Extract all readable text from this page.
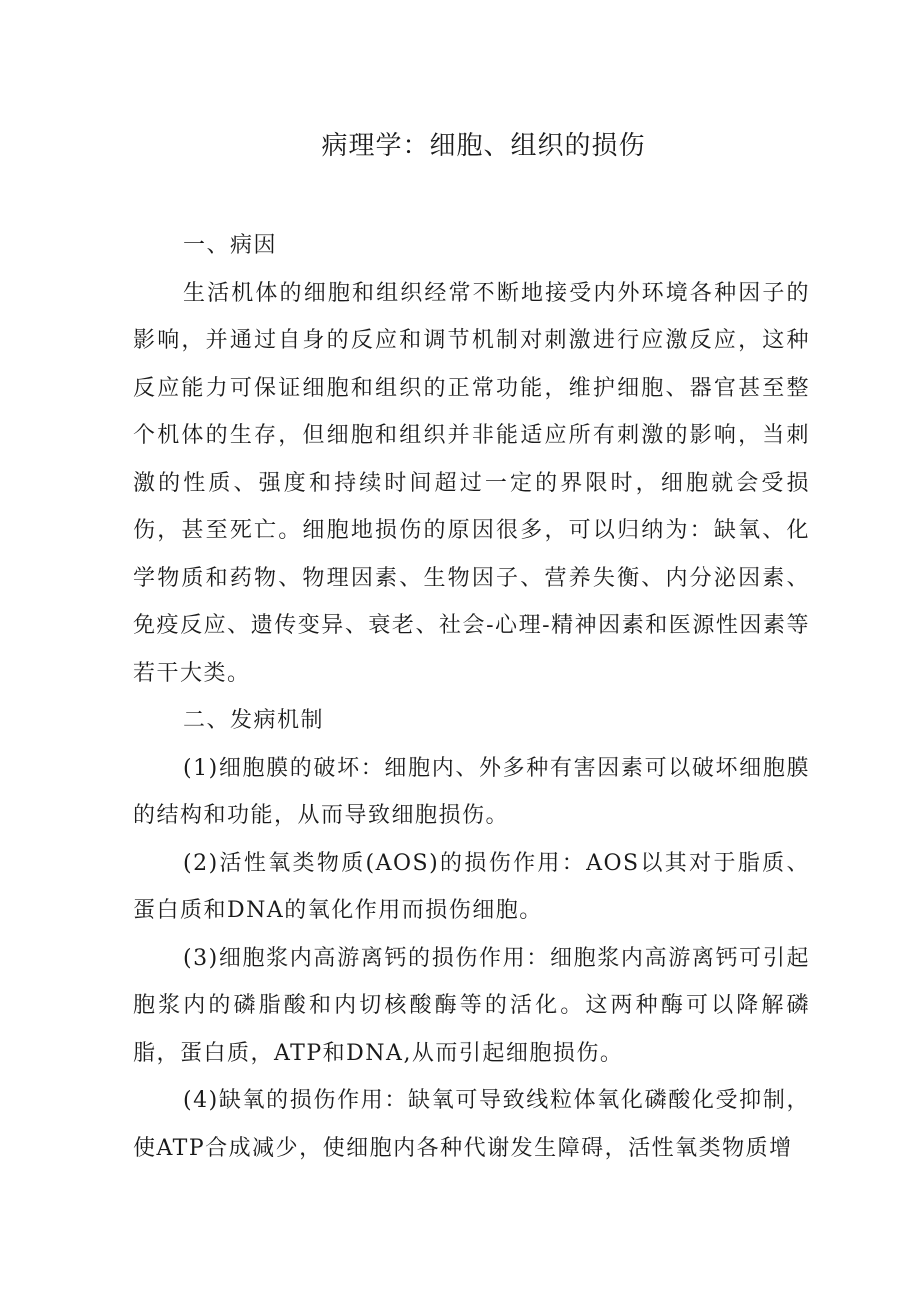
病理学：细胞、组织的损伤

一、病因

生活机体的细胞和组织经常不断地接受内外环境各种因子的影响，并通过自身的反应和调节机制对刺激进行应激反应，这种反应能力可保证细胞和组织的正常功能，维护细胞、器官甚至整个机体的生存，但细胞和组织并非能适应所有刺激的影响，当刺激的性质、强度和持续时间超过一定的界限时，细胞就会受损伤，甚至死亡。细胞地损伤的原因很多，可以归纳为：缺氧、化学物质和药物、物理因素、生物因子、营养失衡、内分泌因素、免疫反应、遗传变异、衰老、社会-心理-精神因素和医源性因素等若干大类。

二、发病机制

(1)细胞膜的破坏：细胞内、外多种有害因素可以破坏细胞膜的结构和功能，从而导致细胞损伤。

(2)活性氧类物质(AOS)的损伤作用：AOS以其对于脂质、蛋白质和DNA的氧化作用而损伤细胞。

(3)细胞浆内高游离钙的损伤作用：细胞浆内高游离钙可引起胞浆内的磷脂酸和内切核酸酶等的活化。这两种酶可以降解磷脂，蛋白质，ATP和DNA,从而引起细胞损伤。

(4)缺氧的损伤作用：缺氧可导致线粒体氧化磷酸化受抑制，使ATP合成减少，使细胞内各种代谢发生障碍，活性氧类物质增
